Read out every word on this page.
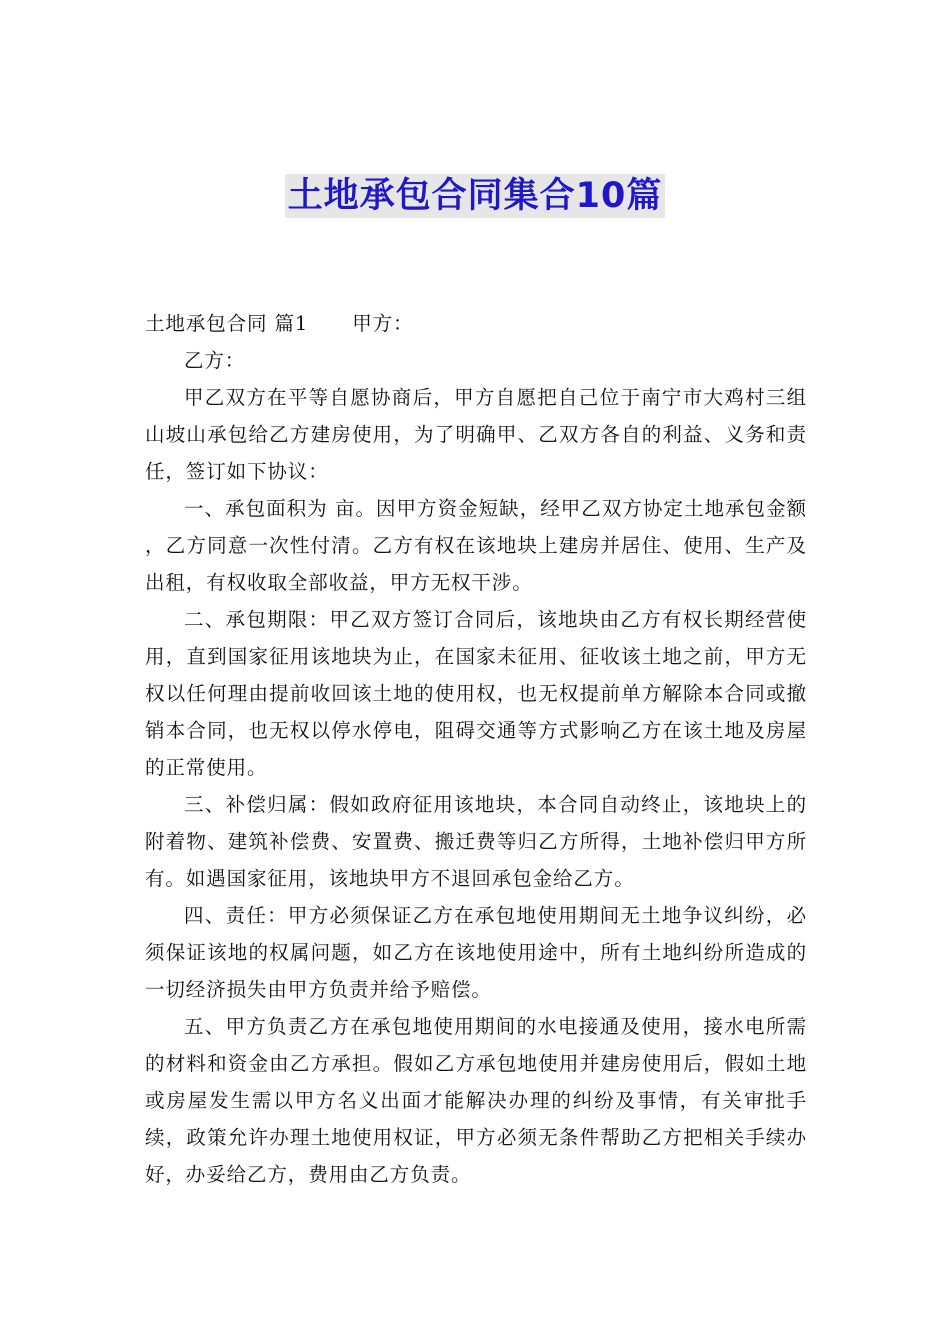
土地承包合同集合10篇

土地承包合同 篇1 甲方：

乙方：

甲乙双方在平等自愿协商后，甲方自愿把自己位于南宁市大鸡村三组山坡山承包给乙方建房使用，为了明确甲、乙双方各自的利益、义务和责任，签订如下协议：

一、承包面积为 亩。因甲方资金短缺，经甲乙双方协定土地承包金额 ，乙方同意一次性付清。乙方有权在该地块上建房并居住、使用、生产及出租，有权收取全部收益，甲方无权干涉。

二、承包期限：甲乙双方签订合同后，该地块由乙方有权长期经营使用，直到国家征用该地块为止，在国家未征用、征收该土地之前，甲方无权以任何理由提前收回该土地的使用权，也无权提前单方解除本合同或撤销本合同，也无权以停水停电，阻碍交通等方式影响乙方在该土地及房屋的正常使用。

三、补偿归属：假如政府征用该地块，本合同自动终止，该地块上的附着物、建筑补偿费、安置费、搬迁费等归乙方所得，土地补偿归甲方所有。如遇国家征用，该地块甲方不退回承包金给乙方。

四、责任：甲方必须保证乙方在承包地使用期间无土地争议纠纷，必须保证该地的权属问题，如乙方在该地使用途中，所有土地纠纷所造成的一切经济损失由甲方负责并给予赔偿。

五、甲方负责乙方在承包地使用期间的水电接通及使用，接水电所需的材料和资金由乙方承担。假如乙方承包地使用并建房使用后，假如土地或房屋发生需以甲方名义出面才能解决办理的纠纷及事情，有关审批手续，政策允许办理土地使用权证，甲方必须无条件帮助乙方把相关手续办好，办妥给乙方，费用由乙方负责。
